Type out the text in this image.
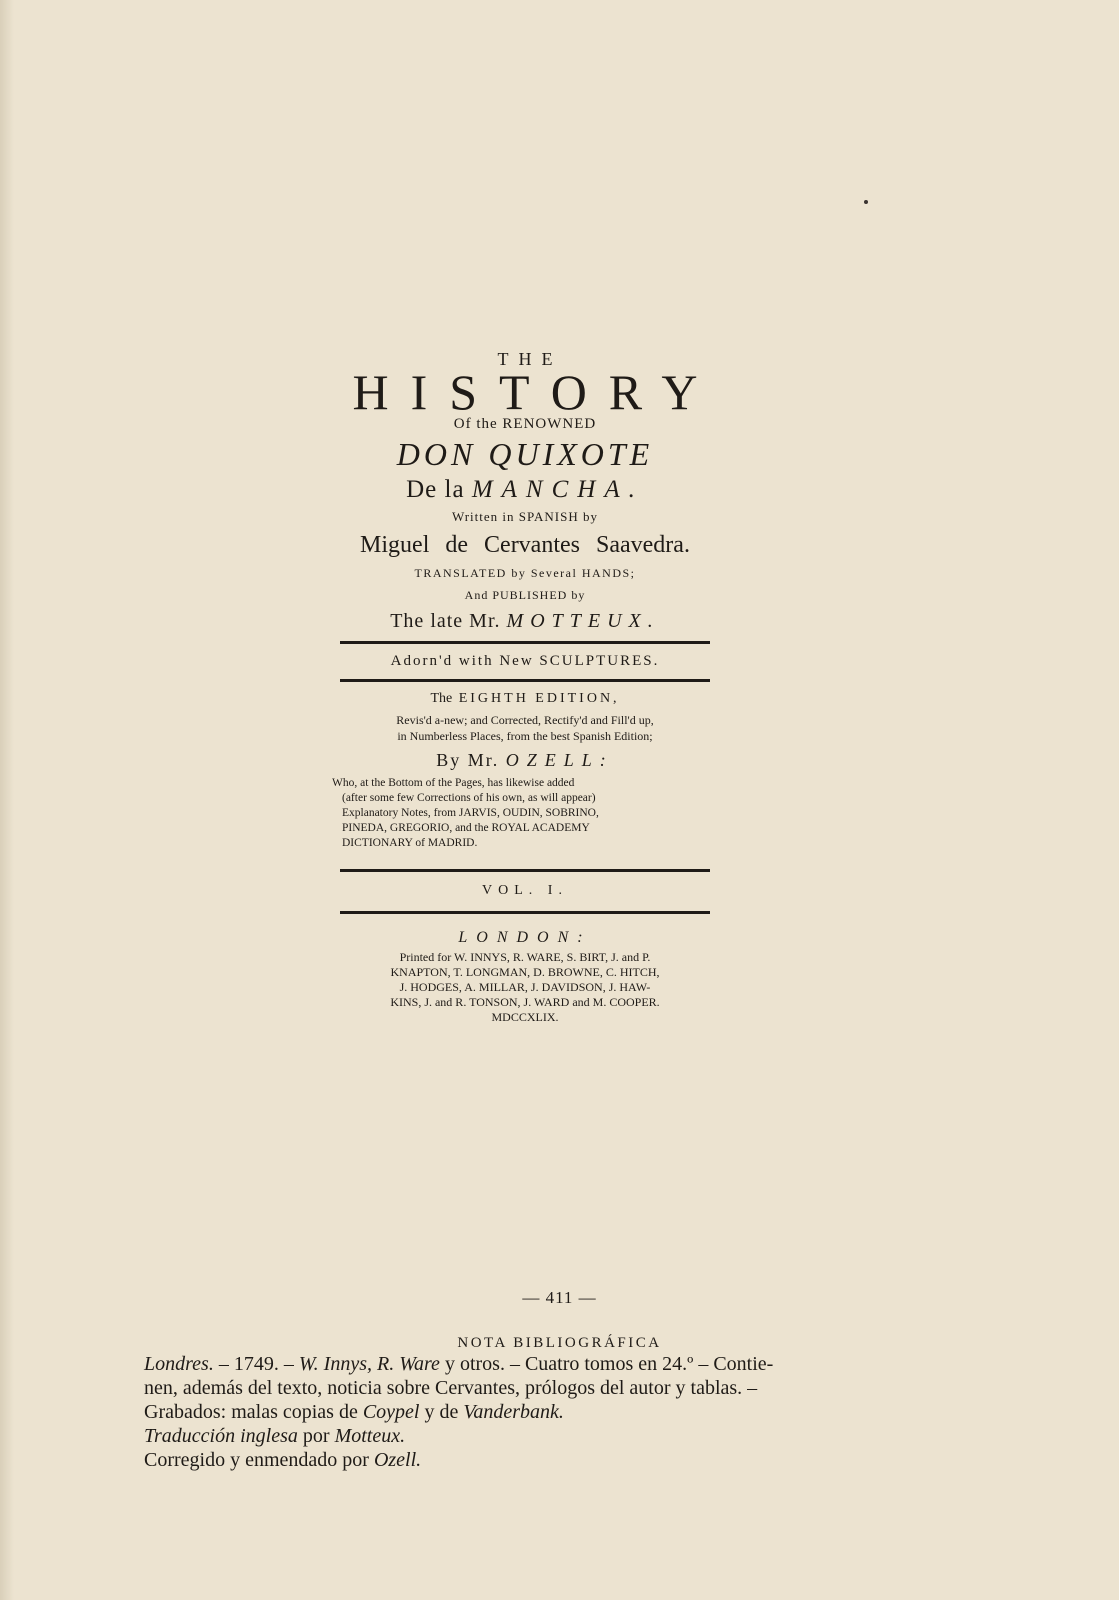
THE
HISTORY
Of the RENOWNED
DON QUIXOTE
De la MANCHA.
Written in SPANISH by
Miguel de Cervantes Saavedra.
TRANSLATED by Several HANDS;
And PUBLISHED by
The late Mr. MOTTEUX.
Adorn'd with New SCULPTURES.
The EIGHTH EDITION,
Revis'd a-new; and Corrected, Rectify'd and Fill'd up,
in Numberless Places, from the best Spanish Edition;
By Mr. OZELL:
Who, at the Bottom of the Pages, has likewise added
(after some few Corrections of his own, as will appear)
Explanatory Notes, from JARVIS, OUDIN, SOBRINO,
PINEDA, GREGORIO, and the ROYAL ACADEMY
DICTIONARY of MADRID.
VOL. I.
LONDON:
Printed for W. INNYS, R. WARE, S. BIRT, J. and P.
KNAPTON, T. LONGMAN, D. BROWNE, C. HITCH,
J. HODGES, A. MILLAR, J. DAVIDSON, J. HAW-
KINS, J. and R. TONSON, J. WARD and M. COOPER.
MDCCXLIX.
— 411 —
NOTA BIBLIOGRÁFICA
Londres. – 1749. – W. Innys, R. Ware y otros. – Cuatro tomos en 24.º – Contie-
nen, además del texto, noticia sobre Cervantes, prólogos del autor y tablas. –
Grabados: malas copias de Coypel y de Vanderbank.
Traducción inglesa por Motteux.
Corregido y enmendado por Ozell.
